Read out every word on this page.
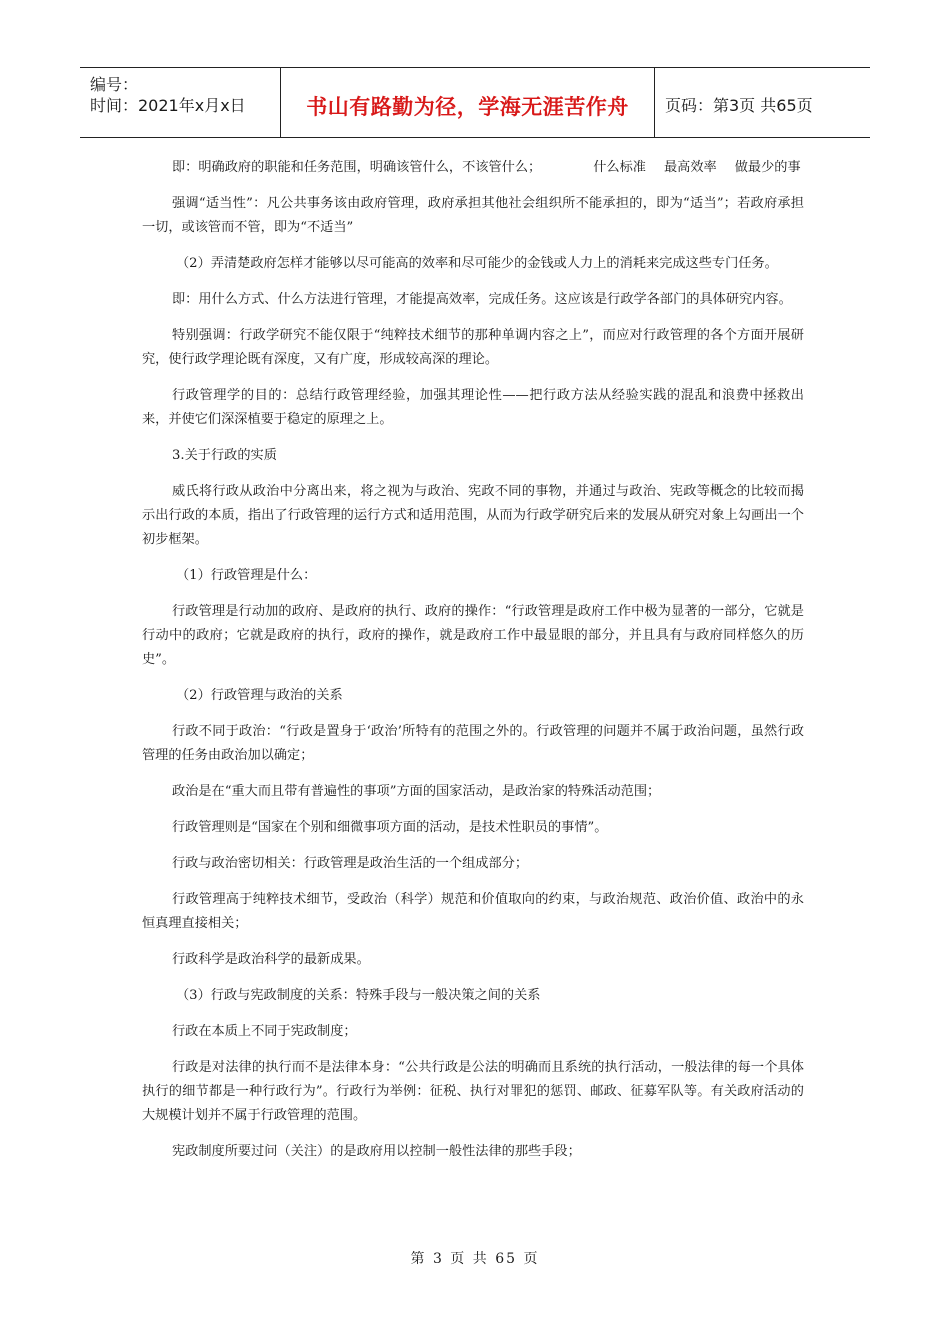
编号：
时间：2021年x月x日	书山有路勤为径，学海无涯苦作舟	页码：第3页 共65页

即：明确政府的职能和任务范围，明确该管什么，不该管什么；	什么标准 最高效率 做最少的事

强调“适当性”：凡公共事务该由政府管理，政府承担其他社会组织所不能承担的，即为“适当”；若政府承担一切，或该管而不管，即为“不适当”

（2）弄清楚政府怎样才能够以尽可能高的效率和尽可能少的金钱或人力上的消耗来完成这些专门任务。

即：用什么方式、什么方法进行管理，才能提高效率，完成任务。这应该是行政学各部门的具体研究内容。

特别强调：行政学研究不能仅限于“纯粹技术细节的那种单调内容之上”，而应对行政管理的各个方面开展研究，使行政学理论既有深度，又有广度，形成较高深的理论。

行政管理学的目的：总结行政管理经验，加强其理论性——把行政方法从经验实践的混乱和浪费中拯救出来，并使它们深深植要于稳定的原理之上。

3.关于行政的实质

威氏将行政从政治中分离出来，将之视为与政治、宪政不同的事物，并通过与政治、宪政等概念的比较而揭示出行政的本质，指出了行政管理的运行方式和适用范围，从而为行政学研究后来的发展从研究对象上勾画出一个初步框架。

（1）行政管理是什么：

行政管理是行动加的政府、是政府的执行、政府的操作：“行政管理是政府工作中极为显著的一部分，它就是行动中的政府；它就是政府的执行，政府的操作，就是政府工作中最显眼的部分，并且具有与政府同样悠久的历史”。

（2）行政管理与政治的关系

行政不同于政治：“行政是置身于‘政治’所特有的范围之外的。行政管理的问题并不属于政治问题，虽然行政管理的任务由政治加以确定；

政治是在“重大而且带有普遍性的事项”方面的国家活动，是政治家的特殊活动范围；

行政管理则是“国家在个别和细微事项方面的活动，是技术性职员的事情”。

行政与政治密切相关：行政管理是政治生活的一个组成部分；

行政管理高于纯粹技术细节，受政治（科学）规范和价值取向的约束，与政治规范、政治价值、政治中的永恒真理直接相关；

行政科学是政治科学的最新成果。

（3）行政与宪政制度的关系：特殊手段与一般决策之间的关系

行政在本质上不同于宪政制度；

行政是对法律的执行而不是法律本身：“公共行政是公法的明确而且系统的执行活动，一般法律的每一个具体执行的细节都是一种行政行为”。行政行为举例：征税、执行对罪犯的惩罚、邮政、征募军队等。有关政府活动的大规模计划并不属于行政管理的范围。

宪政制度所要过问（关注）的是政府用以控制一般性法律的那些手段；

第 3 页 共 65 页
